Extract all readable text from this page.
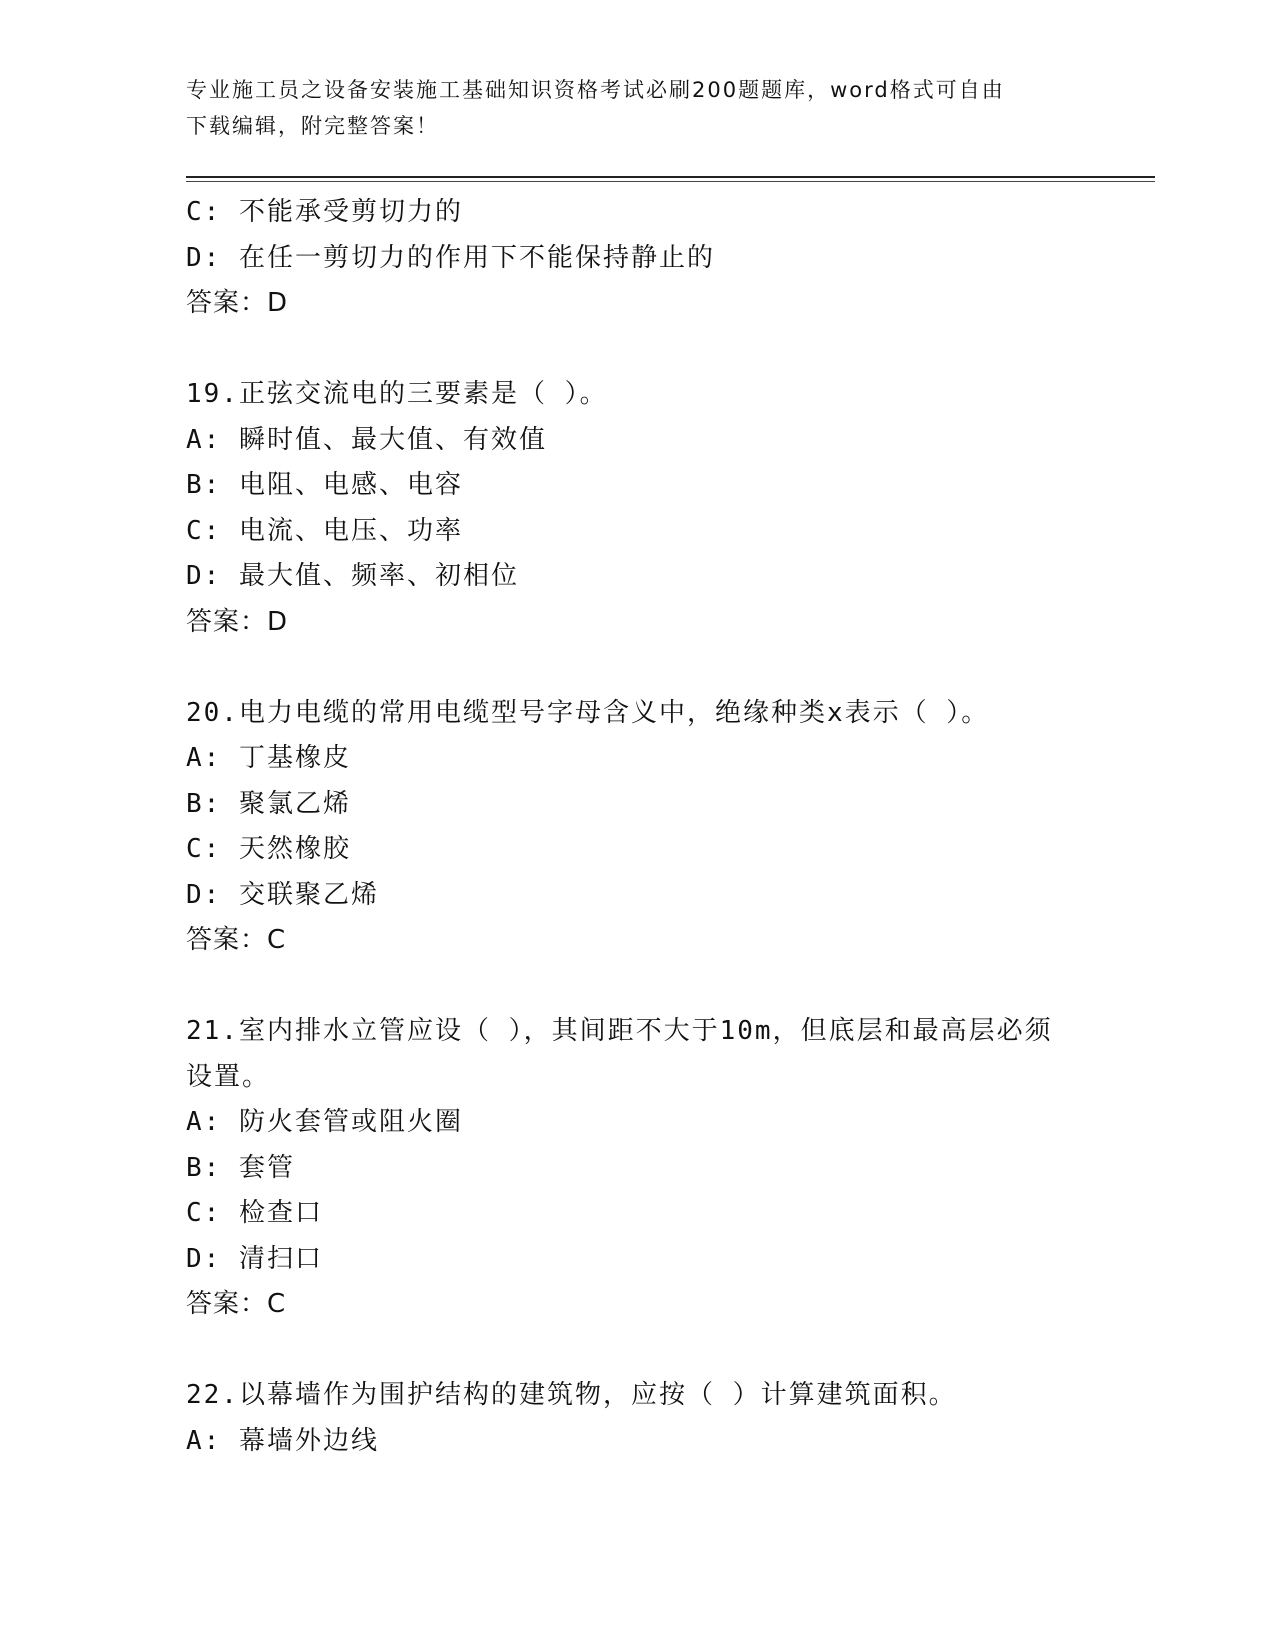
专业施工员之设备安装施工基础知识资格考试必刷200题题库，word格式可自由
下载编辑，附完整答案！
C: 不能承受剪切力的
D: 在任一剪切力的作用下不能保持静止的
答案：D
19.正弦交流电的三要素是（ ）。
A: 瞬时值、最大值、有效值
B: 电阻、电感、电容
C: 电流、电压、功率
D: 最大值、频率、初相位
答案：D
20.电力电缆的常用电缆型号字母含义中，绝缘种类x表示（ ）。
A: 丁基橡皮
B: 聚氯乙烯
C: 天然橡胶
D: 交联聚乙烯
答案：C
21.室内排水立管应设（ ），其间距不大于10m，但底层和最高层必须
设置。
A: 防火套管或阻火圈
B: 套管
C: 检查口
D: 清扫口
答案：C
22.以幕墙作为围护结构的建筑物，应按（ ）计算建筑面积。
A: 幕墙外边线
